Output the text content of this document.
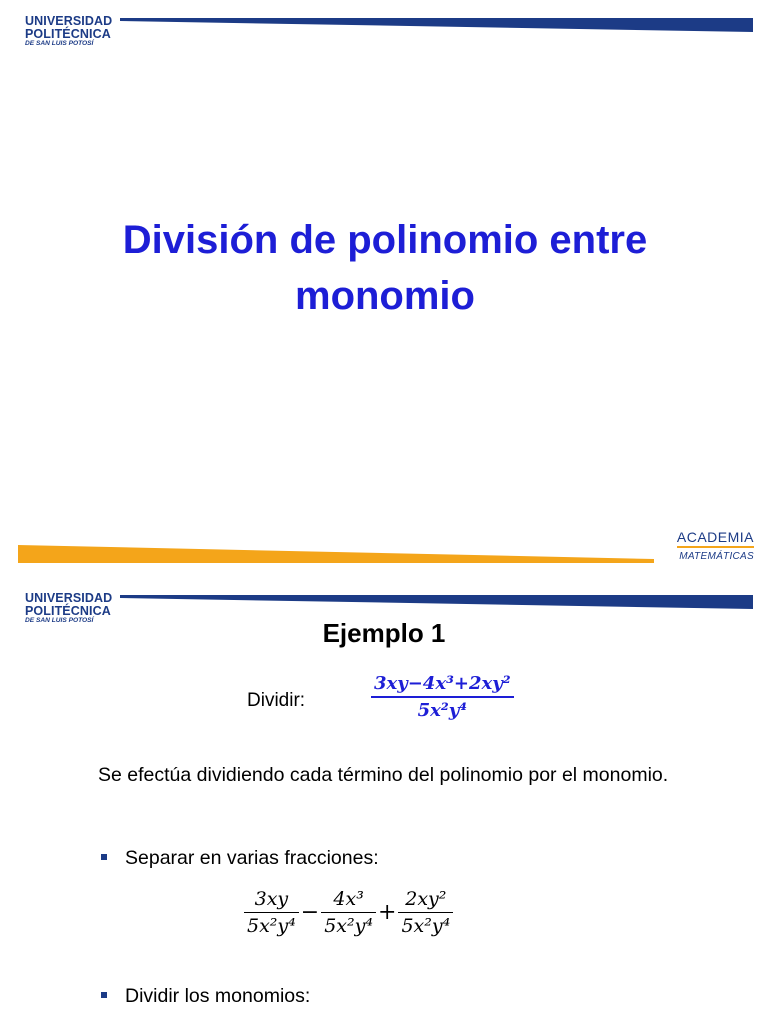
UNIVERSIDAD
POLITÉCNICA
DE SAN LUIS POTOSÍ
División de polinomio entre monomio
ACADEMIA
MATEMÁTICAS
UNIVERSIDAD
POLITÉCNICA
DE SAN LUIS POTOSÍ	Ejemplo 1
Dividir:	$\frac{\text{3xy−4x³+2xy²}}{\text{5x²y⁴}}$
Se efectúa dividiendo cada término del polinomio por el monomio.
Separar en varias fracciones:
$\frac{3xy}{\text{5x²y⁴}} - \frac{\text{4x³}}{\text{5x²y⁴}} + \frac{\text{2xy²}}{\text{5x²y⁴}}$
Dividir los monomios:
